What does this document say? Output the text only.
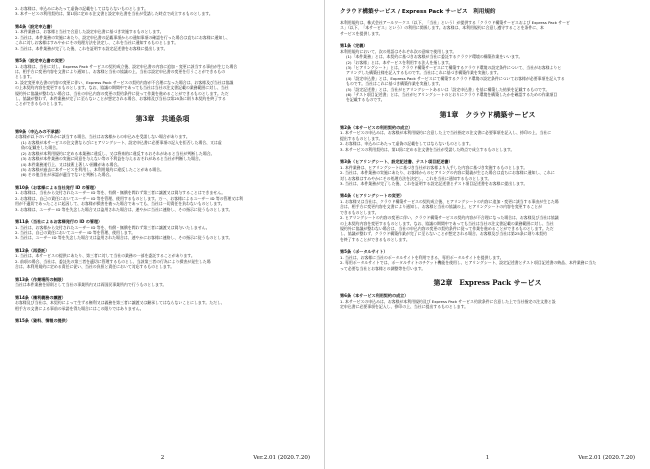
2. お客様は、申込みにあたって虚偽の記載をしてはならないものとします。
3. 本サービスの利用契約は、第1項に定める注文書と設定申込書を当社が受諾した時点で成立するものとします。
第4条（設定申込書）
1. 本件業務は、お客様と当社で合意した設定申込書に基づき実施するものとします。
2. 当社は、本件業務の実施にあたり、設定申込書の記載事項からの通知事項の確認を行った場合は直ちにお客様に通知し、
これに対しお客様はすみやかにその処理方法を決定し、これを当社に通知するものとします。
3. 当社は、本件業務が完了した後、これを証明する設定記述書をお客様に提出します。
第5条（設定申込書の変更）
1. お客様は、当社に対し、Express Pack サービスの契約成立後、設定申込書の内容に追加・変更に該当する事由が生じた場合
は、相手方に変更内容を文書により通知し、お客様と当社の協議の上、当社は設定申込書の変更を行うことができるもの
とします。
2. 設定変更申込書の内容の変更に伴い、Express Pack サービスの契約内容が不合理になった場合は、お客様及び当社は協議
の上本契約内容を変更するものとします。なお、協議の期間中であっても当社は当社の注文書記載の業務範囲に対し、当社
規約外に協議が整わない場合は、当社の申込内容の変更の契約条件に従って作業を進めることができるものとします。ただ
し、協議が整わず、本件業務が完了に至らないことが想定される場合、お客様及び当社は第25条に則り本契約を終了する
ことができるものとします。
第3章　共通条項
第9条（申込みの不承諾）
お客様が以下のいずれかに該当する場合、当社はお客様からの申込みを受諾しない場合があります。
(1) お客様が本サービスの注文書ならびにヒアリングシート、設定申込書に必要事項の記入を拒否した場合、又は虚
偽の記載をした場合。
(2) お客様が本利用規約に定める本業務に違反し、又は将来的に違反するおそれがあると当社が判断した場合。
(3) お客様が本件業務の実施に同意を与えない等の不利益を与えるおそれがあると当社が判断した場合。
(4) 本件業務遂行上、又は技術上著しい困難がある場合。
(5) お客様が過去に本サービスを利用し、本利用規約に違反したことがある場合。
(6) その他当社が承認が適当でないと判断した場合。
第10条（お客様による当社発行 ID の管理）
1. お客様は、当社から交付されたユーザー ID 等を、有償・無償を問わず第三者に譲渡又は貸与することはできません。
2. お客様は、自己の責任においてユーザー ID 等を管理、使用するものとします。万一、お客様によるユーザー ID 等の管理又は利
用が不適切であったことに起因して、お客様が損害を被った場合であっても、当社は一切責任を負わないものとします。
3. お客様は、ユーザー ID 等を失念した場合又は盗用された場合は、速やかに当社に連絡し、その指示に従うものとします。
第11条（当社によるお客様発行の ID の管理）
1. 当社は、お客様から交付されたユーザー ID 等を、有償・無償を問わず第三者に譲渡又は貸与いたしません。
2. 当社は、自己の責任においてユーザー ID 等を管理、使用します。
3. 当社は、ユーザー ID 等を失念した場合又は盗用された場合は、速やかにお客様に連絡し、その指示に従うものとします。
第12条（再委託）
1. 当社は、本サービスの提供にあたり、第三者に対して当社の業務の一部を委託することがあります。
2. 前項の場合、当社は、委託先の第三者を適切に管理するものとし、当該第三者の行為により損害が発生した場
合は、本利用規約に定める責任に従い、当社の負担と責任において対応するものとします。
第13条（作業場所の制限）
当社は本件業務を原則として当社の事業所内又は両国民事業所内で行うものとします。
第14条（権利義務の譲渡）
お客様及び当社は、本契約によって生ずる権利又は義務を第三者に譲渡又は継承してはならないことにします。ただし、
相手方の文書による事前の承諾を得た場合にはこの限りではありません。
第15条（資料、情報の提供）
2	Ver.2.01 (2020.7.20)
クラウド構築サービス / Express Pack サービス　利用規約
本利用規約は、株式会社アールワークス（以下、「当社」という）が提供する「クラウド構築サービスおよび Express Pack サービ
ス」（以下、「本サービス」という）の利用に関係します。お客様は、本利用規約に合意し遵守することを条件に、本
サービスを提供します。
第1条（定義）
本利用規約において、次の用語はそれぞれ次の意味で使用します。
(1)「本件業務」とは、本契約に基づきお客様が当社に委託するクラウド環境の構築作業をいいます。
(2)「お客様」とは、本サービスを利用する法人を指します。
(3)「ヒアリングシート」とは、クラウド構築サービスにて構築するクラウド環境の設定条件について、当社がお客様よりヒ
アリングした構築仕様を記入するものです。当社はこれに基づき構築作業を実施します。
(4)「設定申込書」とは、Express Pack サービスにて構築するクラウド環境の設定条件についてお客様が必要事項を記入する
ものです。当社はこれに基づき構築作業を実施します。
(5)「設定記述書」とは、当社がヒアリングシートあるいは「設定申込書」を基に構築した結果を記載するものです。
(6)「テスト項目記述書」とは、当社がヒアリングシートのとおりにクラウド環境を構築したかを確認するための作業項目
を記載するものです。
第1章　クラウド構築サービス
第2条（本サービスの利用契約の成立）
1. 本サービスの申込みは、お客様が本利用規約に合意した上で当社指定の注文書に必要事項を記入し、捺印の上、当社に
提出するものとします。
2. お客様は、申込みにあたって虚偽の記載をしてはならないものとします。
3. 本サービスの利用契約は、第1項に定める注文書を当社が受諾した時点で成立するものとします。
第3条（ヒアリングシート、設定記述書、テスト項目記述書）
1. 本件業務は、ヒアリングシートに基づき当社がお客様より入手した内容に基づき実施するものとします。
2. 当社は、本件業務の実施にあたり、お客様からのヒアリングの内容に疑義が生じた場合は直ちにお客様に通知し、これに
対しお客様はすみやかにその処理方法を決定し、これを当社に通知するものとします。
3. 当社は、本件業務が完了した後、これを証明する設定記述書とテスト項目記述書をお客様に提出します。
第4条（ヒアリングシートの変更）
1. お客様又は当社は、クラウド構築サービスの契約成立後、ヒアリングシートの内容に追加・変更に該当する事由が生じた場
合は、相手方に変更内容を文書により通知し、お客様と当社の協議の上、ヒアリングシートの内容を変更することが
できるものとします。
2. ヒアリングシートの内容の変更に伴い、クラウド構築サービスの契約内容が不合理になった場合は、お客様及び当社は協議
の上本契約内容を変更するものとします。なお、協議の期間中であっても当社は当社の注文書記載の業務範囲に対し、当社
規約外に協議が整わない場合は、当社の申込内容の変更の契約条件に従って作業を進めることができるものとします。ただ
し、協議が整わず、クラウド構築作業が完了に至らないことが想定される場合、お客様及び当社は第25条に則り本契約
を終了することができるものとします。
第5条（ポータルサイト）
1. 当社は、お客様に当社のポータルサイトを利用できる、専用ポータルサイトを提供します。
2. 専用ポータルサイトでは、ポータルサイトのチケット機能を使用し、ヒアリングシート、設定記述書とテスト項目記述書の納品、本件業務に当た
って必要な当社とお客様との調整等を行います。
第2章　Express Pack サービス
第6条（本サービス利用契約の成立）
1. 本サービスの申込みは、お客様が本利用規約及び Express Pack サービス約款条件に合意した上で当社指定の注文書と設
定申込書に必要事項を記入し、捺印の上、当社に提出するものとします。
1	Ver.2.01 (2020.7.20)
